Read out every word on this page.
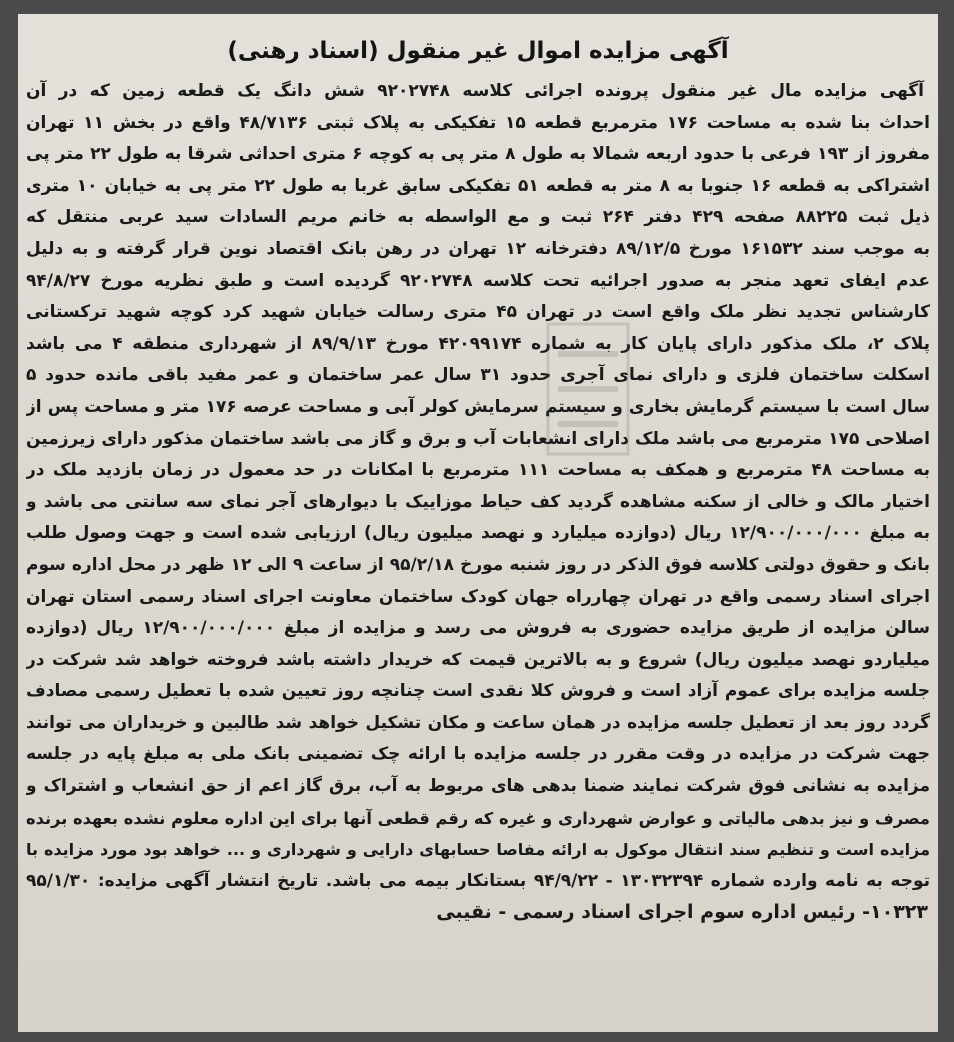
آگهی مزایده اموال غیر منقول (اسناد رهنی)
آگهی مزایده مال غیر منقول پرونده اجرائی کلاسه ۹۲۰۲۷۴۸ شش دانگ یک قطعه زمین که در آن
احداث بنا شده به مساحت ۱۷۶ مترمربع قطعه ۱۵ تفکیکی به پلاک ثبتی ۴۸/۷۱۳۶ واقع در بخش ۱۱ تهران
مفروز از ۱۹۳ فرعی با حدود اربعه شمالا به طول ۸ متر پی به کوچه ۶ متری احداثی شرقا به طول ۲۲ متر پی
اشتراکی به قطعه ۱۶ جنوبا به ۸ متر به قطعه ۵۱ تفکیکی سابق غربا به طول ۲۲ متر پی به خیابان ۱۰ متری
ذیل ثبت ۸۸۲۲۵ صفحه ۴۲۹ دفتر ۲۶۴ ثبت و مع الواسطه به خانم مریم السادات سید عربی منتقل که
به موجب سند ۱۶۱۵۳۲ مورخ ۸۹/۱۲/۵ دفترخانه ۱۲ تهران در رهن بانک اقتصاد نوین قرار گرفته و به دلیل
عدم ایفای تعهد منجر به صدور اجرائیه تحت کلاسه ۹۲۰۲۷۴۸ گردیده است و طبق نظریه مورخ ۹۴/۸/۲۷
کارشناس تجدید نظر ملک واقع است در تهران ۴۵ متری رسالت خیابان شهید کرد کوچه شهید ترکستانی
پلاک ۲، ملک مذکور دارای پایان کار به شماره ۴۲۰۹۹۱۷۴ مورخ ۸۹/۹/۱۳ از شهرداری منطقه ۴ می باشد
اسکلت ساختمان فلزی و دارای نمای آجری حدود ۳۱ سال عمر ساختمان و عمر مفید باقی مانده حدود ۵
سال است با سیستم گرمایش بخاری و سیستم سرمایش کولر آبی و مساحت عرصه ۱۷۶ متر و مساحت پس از
اصلاحی ۱۷۵ مترمربع می باشد ملک دارای انشعابات آب و برق و گاز می باشد ساختمان مذکور دارای زیرزمین
به مساحت ۴۸ مترمربع و همکف به مساحت ۱۱۱ مترمربع با امکانات در حد معمول در زمان بازدید ملک در
اختیار مالک و خالی از سکنه مشاهده گردید کف حیاط موزاییک با دیوارهای آجر نمای سه سانتی می باشد و
به مبلغ ۱۲/۹۰۰/۰۰۰/۰۰۰ ریال (دوازده میلیارد و نهصد میلیون ریال) ارزیابی شده است و جهت وصول طلب
بانک و حقوق دولتی کلاسه فوق الذکر در روز شنبه مورخ ۹۵/۲/۱۸ از ساعت ۹ الی ۱۲ ظهر در محل اداره سوم
اجرای اسناد رسمی واقع در تهران چهارراه جهان کودک ساختمان معاونت اجرای اسناد رسمی استان تهران
سالن مزایده از طریق مزایده حضوری به فروش می رسد و مزایده از مبلغ ۱۲/۹۰۰/۰۰۰/۰۰۰ ریال (دوازده
میلیاردو نهصد میلیون ریال) شروع و به بالاترین قیمت که خریدار داشته باشد فروخته خواهد شد شرکت در
جلسه مزایده برای عموم آزاد است و فروش کلا نقدی است چنانچه روز تعیین شده با تعطیل رسمی مصادف
گردد روز بعد از تعطیل جلسه مزایده در همان ساعت و مکان تشکیل خواهد شد طالبین و خریداران می توانند
جهت شرکت در مزایده در وقت مقرر در جلسه مزایده با ارائه چک تضمینی بانک ملی به مبلغ پایه در جلسه
مزایده به نشانی فوق شرکت نمایند ضمنا بدهی های مربوط به آب، برق گاز اعم از حق انشعاب و اشتراک و
مصرف و نیز بدهی مالیاتی و عوارض شهرداری و غیره که رقم قطعی آنها برای این اداره معلوم نشده بعهده برنده
مزایده است و تنظیم سند انتقال موکول به ارائه مفاصا حسابهای دارایی و شهرداری و ... خواهد بود مورد مزایده با
توجه به نامه وارده شماره ۱۳۰۳۲۳۹۴ - ۹۴/۹/۲۲ بستانکار بیمه می باشد. تاریخ انتشار آگهی مزایده: ۹۵/۱/۳۰
۱۰۳۲۳- رئیس اداره سوم اجرای اسناد رسمی - نقیبی
